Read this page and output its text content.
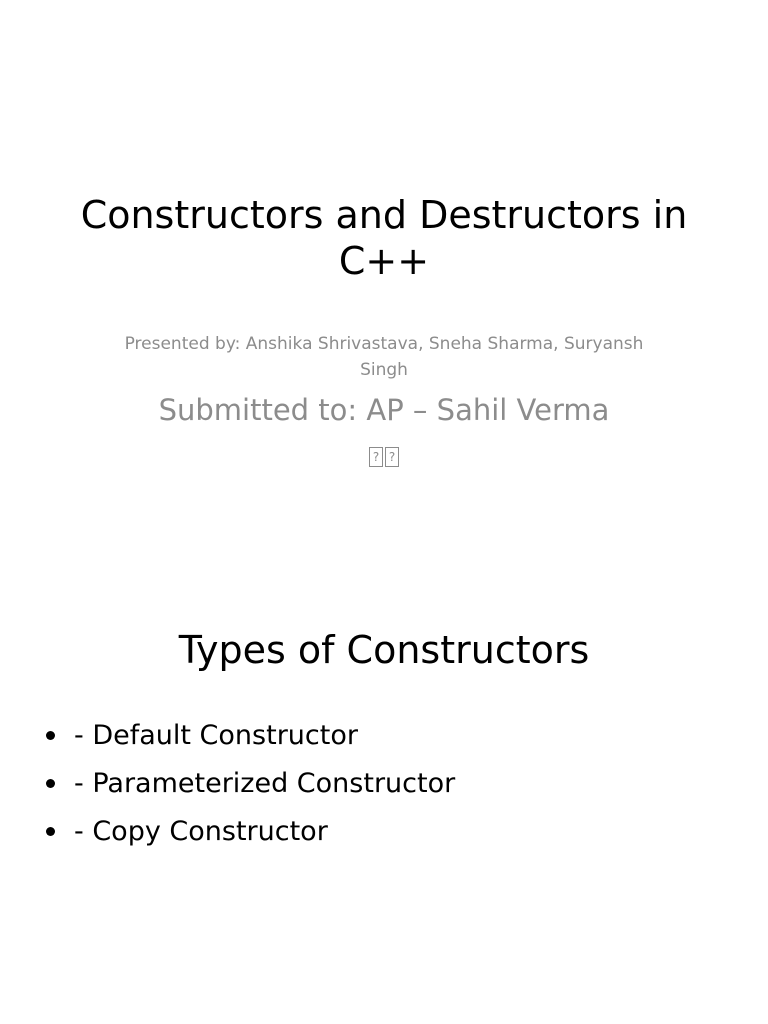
Constructors and Destructors in C++

Presented by: Anshika Shrivastava, Sneha Sharma, Suryansh Singh

Submitted to: AP – Sahil Verma

??
Types of Constructors
- Default Constructor
- Parameterized Constructor
- Copy Constructor
